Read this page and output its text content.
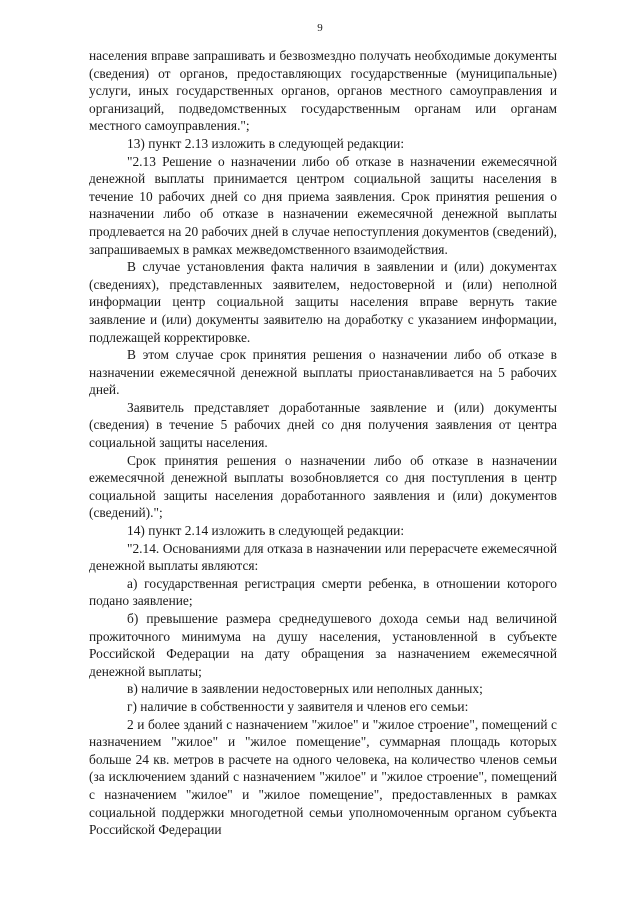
9

населения вправе запрашивать и безвозмездно получать необходимые документы (сведения) от органов, предоставляющих государственные (муниципальные) услуги, иных государственных органов, органов местного самоуправления и организаций, подведомственных государственным органам или органам местного самоуправления.";

13) пункт 2.13 изложить в следующей редакции:

"2.13 Решение о назначении либо об отказе в назначении ежемесячной денежной выплаты принимается центром социальной защиты населения в течение 10 рабочих дней со дня приема заявления. Срок принятия решения о назначении либо об отказе в назначении ежемесячной денежной выплаты продлевается на 20 рабочих дней в случае непоступления документов (сведений), запрашиваемых в рамках межведомственного взаимодействия.

В случае установления факта наличия в заявлении и (или) документах (сведениях), представленных заявителем, недостоверной и (или) неполной информации центр социальной защиты населения вправе вернуть такие заявление и (или) документы заявителю на доработку с указанием информации, подлежащей корректировке.

В этом случае срок принятия решения о назначении либо об отказе в назначении ежемесячной денежной выплаты приостанавливается на 5 рабочих дней.

Заявитель представляет доработанные заявление и (или) документы (сведения) в течение 5 рабочих дней со дня получения заявления от центра социальной защиты населения.

Срок принятия решения о назначении либо об отказе в назначении ежемесячной денежной выплаты возобновляется со дня поступления в центр социальной защиты населения доработанного заявления и (или) документов (сведений).";

14) пункт 2.14 изложить в следующей редакции:

"2.14. Основаниями для отказа в назначении или перерасчете ежемесячной денежной выплаты являются:

а) государственная регистрация смерти ребенка, в отношении которого подано заявление;

б) превышение размера среднедушевого дохода семьи над величиной прожиточного минимума на душу населения, установленной в субъекте Российской Федерации на дату обращения за назначением ежемесячной денежной выплаты;

в) наличие в заявлении недостоверных или неполных данных;

г) наличие в собственности у заявителя и членов его семьи:

2 и более зданий с назначением "жилое" и "жилое строение", помещений с назначением "жилое" и "жилое помещение", суммарная площадь которых больше 24 кв. метров в расчете на одного человека, на количество членов семьи (за исключением зданий с назначением "жилое" и "жилое строение", помещений с назначением "жилое" и "жилое помещение", предоставленных в рамках социальной поддержки многодетной семьи уполномоченным органом субъекта Российской Федерации
